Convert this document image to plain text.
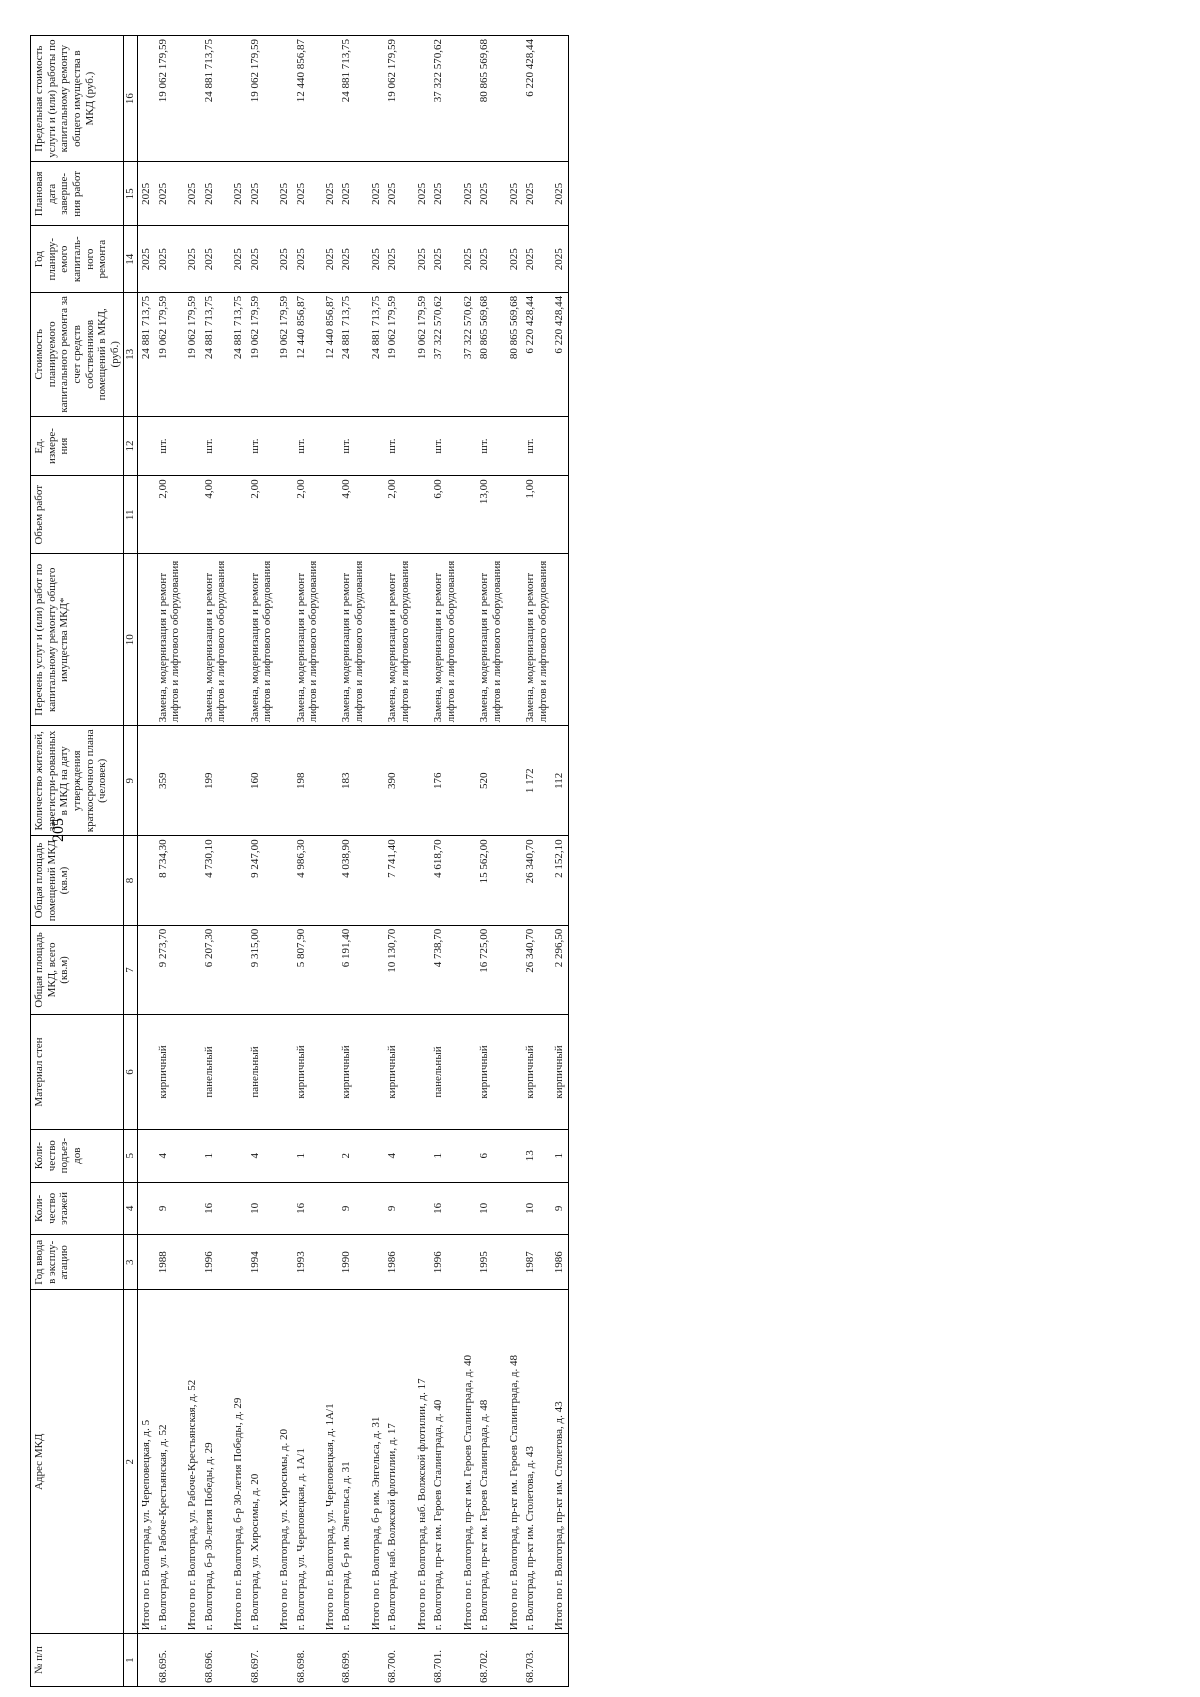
№ п/п	Адрес МКД	Год ввода в эксплу-атацию	Коли-чество этажей	Коли-чество подъез-дов	Материал стен	Общая площадь МКД, всего (кв.м)	Общая площадь помещений МКД (кв.м)	Количество жителей, зарегистри-рованных в МКД на дату утверждения краткосрочного плана (человек)	Перечень услуг и (или) работ по капитальному ремонту общего имущества МКД*	Объем работ	Ед. измере-ния	Стоимость планируемого капитального ремонта за счет средств собственников помещений в МКД, (руб.)	Год планиру-емого капиталь-ного ремонта	Плановая дата заверше-ния работ	Предельная стоимость услуги и (или) работы по капитальному ремонту общего имущества в МКД (руб.)
1	2	3	4	5	6	7	8	9	10	11	12	13	14	15	16
	Итого по г. Волгоград, ул. Череповецкая, д. 5											24 881 713,75	2025	2025	
68.695.	г. Волгоград, ул. Рабоче-Крестьянская, д. 52	1988	9	4	кирпичный	9 273,70	8 734,30	359	Замена, модернизация и ремонт лифтов и лифтового оборудования	2,00	шт.	19 062 179,59	2025	2025	19 062 179,59
	Итого по г. Волгоград, ул. Рабоче-Крестьянская, д. 52											19 062 179,59	2025	2025	
68.696.	г. Волгоград, б-р 30-летия Победы, д. 29	1996	16	1	панельный	6 207,30	4 730,10	199	Замена, модернизация и ремонт лифтов и лифтового оборудования	4,00	шт.	24 881 713,75	2025	2025	24 881 713,75
	Итого по г. Волгоград, б-р 30-летия Победы, д. 29											24 881 713,75	2025	2025	
68.697.	г. Волгоград, ул. Хиросимы, д. 20	1994	10	4	панельный	9 315,00	9 247,00	160	Замена, модернизация и ремонт лифтов и лифтового оборудования	2,00	шт.	19 062 179,59	2025	2025	19 062 179,59
	Итого по г. Волгоград, ул. Хиросимы, д. 20											19 062 179,59	2025	2025	
68.698.	г. Волгоград, ул. Череповецкая, д. 1А/1	1993	16	1	кирпичный	5 807,90	4 986,30	198	Замена, модернизация и ремонт лифтов и лифтового оборудования	2,00	шт.	12 440 856,87	2025	2025	12 440 856,87
	Итого по г. Волгоград, ул. Череповецкая, д. 1А/1											12 440 856,87	2025	2025	
68.699.	г. Волгоград, б-р им. Энгельса, д. 31	1990	9	2	кирпичный	6 191,40	4 038,90	183	Замена, модернизация и ремонт лифтов и лифтового оборудования	4,00	шт.	24 881 713,75	2025	2025	24 881 713,75
	Итого по г. Волгоград, б-р им. Энгельса, д. 31											24 881 713,75	2025	2025	
68.700.	г. Волгоград, наб. Волжской флотилии, д. 17	1986	9	4	кирпичный	10 130,70	7 741,40	390	Замена, модернизация и ремонт лифтов и лифтового оборудования	2,00	шт.	19 062 179,59	2025	2025	19 062 179,59
	Итого по г. Волгоград, наб. Волжской флотилии, д. 17											19 062 179,59	2025	2025	
68.701.	г. Волгоград, пр-кт им. Героев Сталинграда, д. 40	1996	16	1	панельный	4 738,70	4 618,70	176	Замена, модернизация и ремонт лифтов и лифтового оборудования	6,00	шт.	37 322 570,62	2025	2025	37 322 570,62
	Итого по г. Волгоград, пр-кт им. Героев Сталинграда, д. 40											37 322 570,62	2025	2025	
68.702.	г. Волгоград, пр-кт им. Героев Сталинграда, д. 48	1995	10	6	кирпичный	16 725,00	15 562,00	520	Замена, модернизация и ремонт лифтов и лифтового оборудования	13,00	шт.	80 865 569,68	2025	2025	80 865 569,68
	Итого по г. Волгоград, пр-кт им. Героев Сталинграда, д. 48											80 865 569,68	2025	2025	
68.703.	г. Волгоград, пр-кт им. Столетова, д. 43	1987	10	13	кирпичный	26 340,70	26 340,70	1 172	Замена, модернизация и ремонт лифтов и лифтового оборудования	1,00	шт.	6 220 428,44	2025	2025	6 220 428,44
	Итого по г. Волгоград, пр-кт им. Столетова, д. 43	1986	9	1	кирпичный	2 296,50	2 152,10	112				6 220 428,44	2025	2025	
205
